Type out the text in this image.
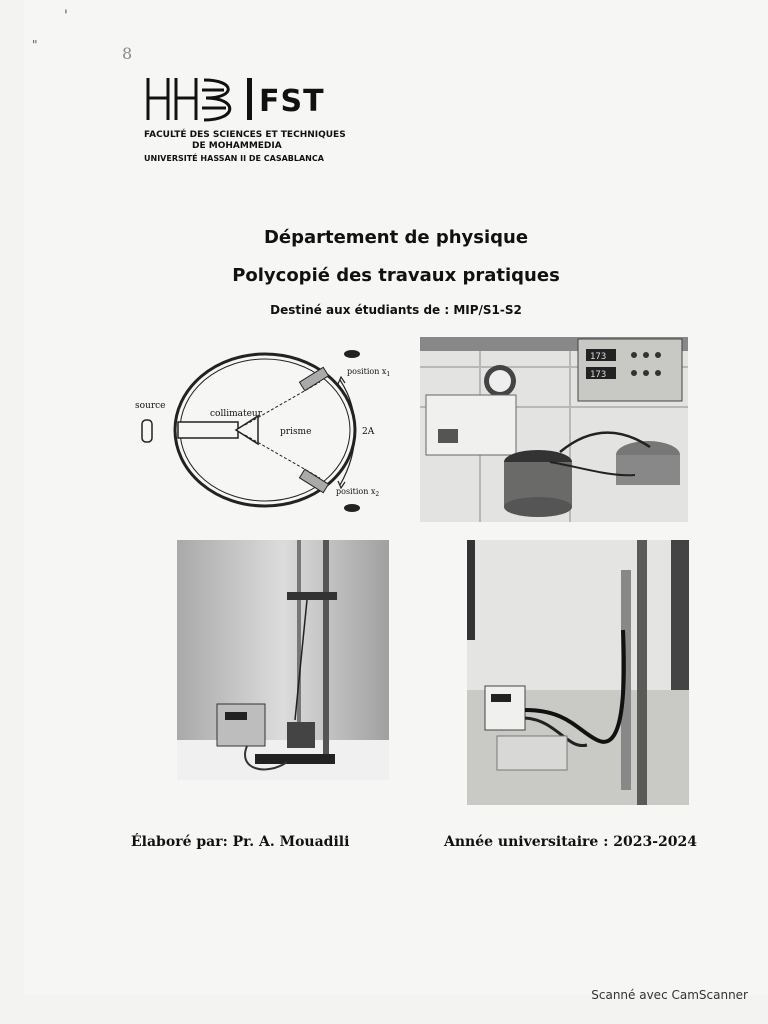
'
"	8
FST
FACULTÉ DES SCIENCES ET TECHNIQUES
DE MOHAMMEDIA
UNIVERSITÉ HASSAN II DE CASABLANCA
Département de physique
Polycopié des travaux pratiques
Destiné aux étudiants de : MIP/S1-S2
source
collimateur
prisme	2A
position $x_1$
position $x_2$
173
173
Élaboré par: Pr. A. Mouadili	Année universitaire : 2023-2024
Scanné avec CamScanner
